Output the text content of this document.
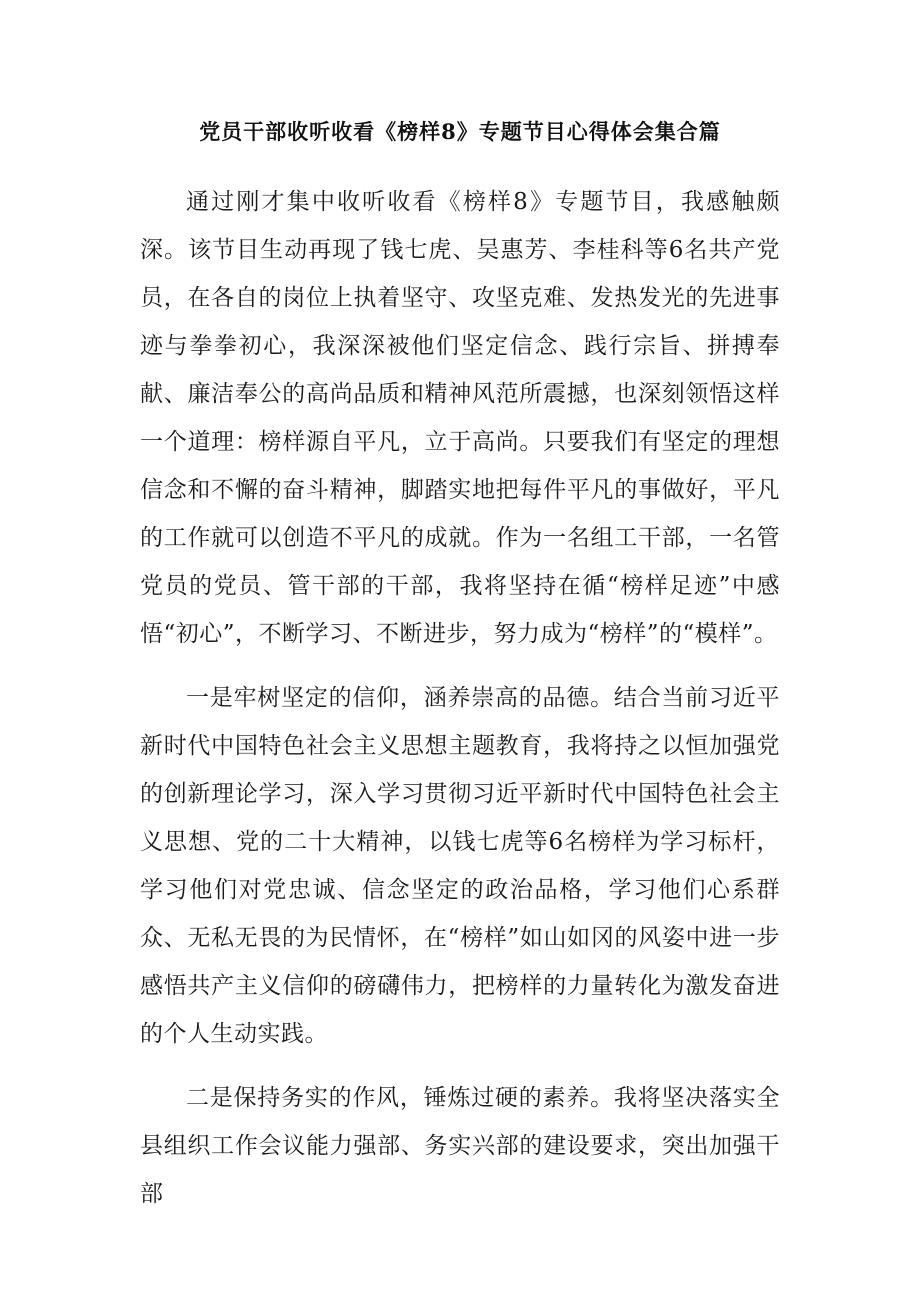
党员干部收听收看《榜样8》专题节目心得体会集合篇

通过刚才集中收听收看《榜样8》专题节目，我感触颇深。该节目生动再现了钱七虎、吴惠芳、李桂科等6名共产党员，在各自的岗位上执着坚守、攻坚克难、发热发光的先进事迹与拳拳初心，我深深被他们坚定信念、践行宗旨、拼搏奉献、廉洁奉公的高尚品质和精神风范所震撼，也深刻领悟这样一个道理：榜样源自平凡，立于高尚。只要我们有坚定的理想信念和不懈的奋斗精神，脚踏实地把每件平凡的事做好，平凡的工作就可以创造不平凡的成就。作为一名组工干部，一名管党员的党员、管干部的干部，我将坚持在循“榜样足迹”中感悟“初心”，不断学习、不断进步，努力成为“榜样”的“模样”。

一是牢树坚定的信仰，涵养崇高的品德。结合当前习近平新时代中国特色社会主义思想主题教育，我将持之以恒加强党的创新理论学习，深入学习贯彻习近平新时代中国特色社会主义思想、党的二十大精神，以钱七虎等6名榜样为学习标杆，学习他们对党忠诚、信念坚定的政治品格，学习他们心系群众、无私无畏的为民情怀，在“榜样”如山如冈的风姿中进一步感悟共产主义信仰的磅礴伟力，把榜样的力量转化为激发奋进的个人生动实践。

二是保持务实的作风，锤炼过硬的素养。我将坚决落实全县组织工作会议能力强部、务实兴部的建设要求，突出加强干部
